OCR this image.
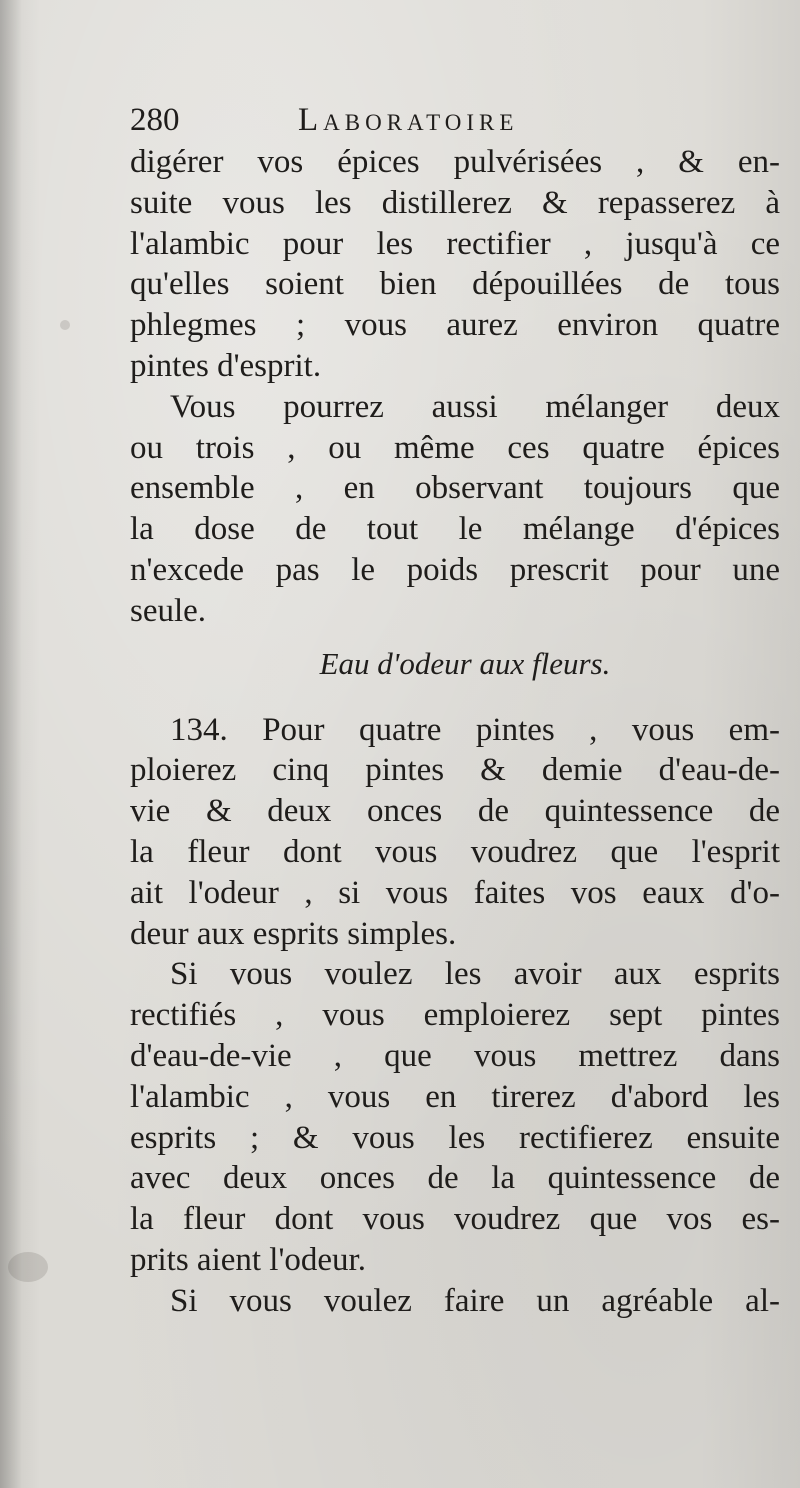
280	Laboratoire
digérer vos épices pulvérisées , & en-
suite vous les distillerez & repasserez à
l'alambic pour les rectifier , jusqu'à ce
qu'elles soient bien dépouillées de tous
phlegmes ; vous aurez environ quatre
pintes d'esprit.
Vous pourrez aussi mélanger deux
ou trois , ou même ces quatre épices
ensemble , en observant toujours que
la dose de tout le mélange d'épices
n'excede pas le poids prescrit pour une
seule.
Eau d'odeur aux fleurs.
134. Pour quatre pintes , vous em-
ploierez cinq pintes & demie d'eau-de-
vie & deux onces de quintessence de
la fleur dont vous voudrez que l'esprit
ait l'odeur , si vous faites vos eaux d'o-
deur aux esprits simples.
Si vous voulez les avoir aux esprits
rectifiés , vous emploierez sept pintes
d'eau-de-vie , que vous mettrez dans
l'alambic , vous en tirerez d'abord les
esprits ; & vous les rectifierez ensuite
avec deux onces de la quintessence de
la fleur dont vous voudrez que vos es-
prits aient l'odeur.
Si vous voulez faire un agréable al-
